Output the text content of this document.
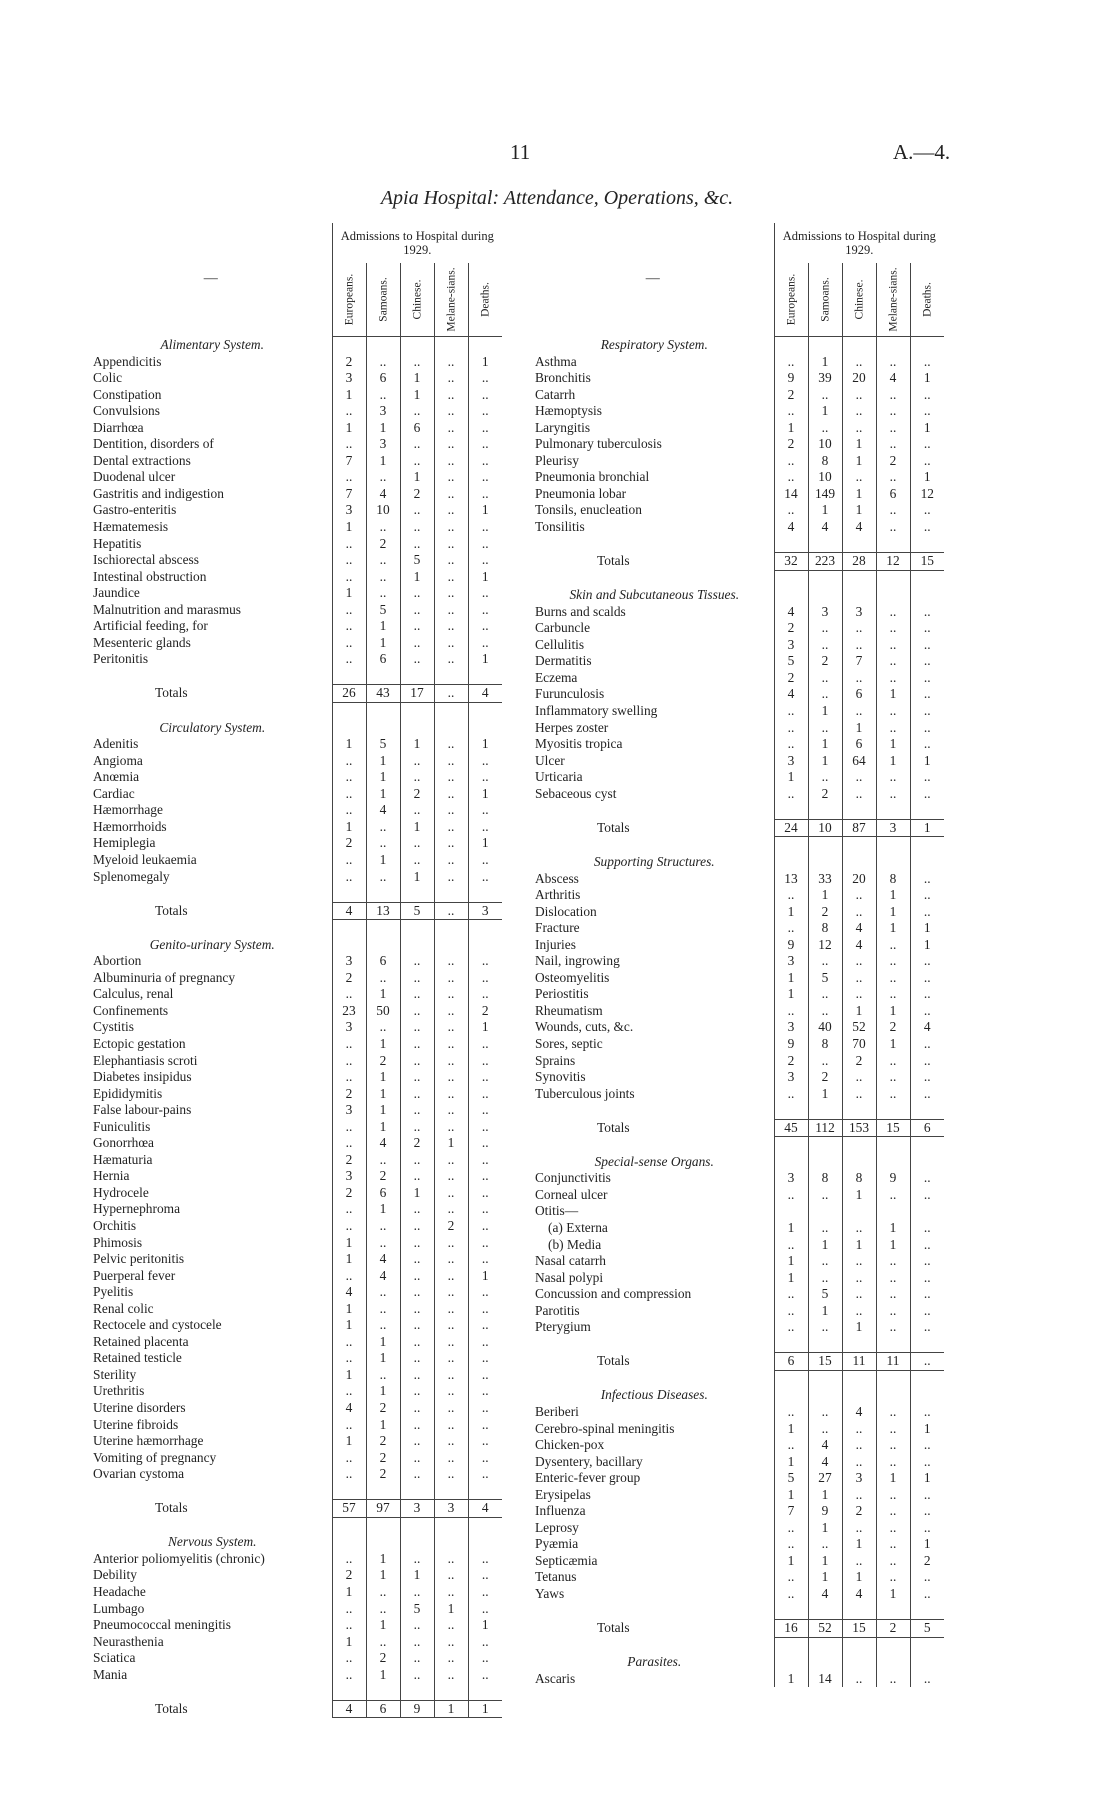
11	A.—4.
Apia Hospital: Attendance, Operations, &c.
—	Admissions to Hospital during 1929.				

	Europeans.	Samoans.	Chinese.	Melane-sians.	Deaths.

Alimentary System.					
Appendicitis	2	..	..	..	1
Colic	3	6	1	..	..
Constipation	1	..	1	..	..
Convulsions	..	3	..	..	..
Diarrhœa	1	1	6	..	..
Dentition, disorders of	..	3	..	..	..
Dental extractions	7	1	..	..	..
Duodenal ulcer	..	..	1	..	..
Gastritis and indigestion	7	4	2	..	..
Gastro-enteritis	3	10	..	..	1
Hæmatemesis	1	..	..	..	..
Hepatitis	..	2	..	..	..
Ischiorectal abscess	..	..	5	..	..
Intestinal obstruction	..	..	1	..	1
Jaundice	1	..	..	..	..
Malnutrition and marasmus	..	5	..	..	..
Artificial feeding, for	..	1	..	..	..
Mesenteric glands	..	1	..	..	..
Peritonitis	..	6	..	..	1

Totals	26	43	17	..	4

Circulatory System.					
Adenitis	1	5	1	..	1
Angioma	..	1	..	..	..
Anœmia	..	1	..	..	..
Cardiac	..	1	2	..	1
Hæmorrhage	..	4	..	..	..
Hæmorrhoids	1	..	1	..	..
Hemiplegia	2	..	..	..	1
Myeloid leukaemia	..	1	..	..	..
Splenomegaly	..	..	1	..	..

Totals	4	13	5	..	3

Genito-urinary System.					
Abortion	3	6	..	..	..
Albuminuria of pregnancy	2	..	..	..	..
Calculus, renal	..	1	..	..	..
Confinements	23	50	..	..	2
Cystitis	3	..	..	..	1
Ectopic gestation	..	1	..	..	..
Elephantiasis scroti	..	2	..	..	..
Diabetes insipidus	..	1	..	..	..
Epididymitis	2	1	..	..	..
False labour-pains	3	1	..	..	..
Funiculitis	..	1	..	..	..
Gonorrhœa	..	4	2	1	..
Hæmaturia	2	..	..	..	..
Hernia	3	2	..	..	..
Hydrocele	2	6	1	..	..
Hypernephroma	..	1	..	..	..
Orchitis	..	..	..	2	..
Phimosis	1	..	..	..	..
Pelvic peritonitis	1	4	..	..	..
Puerperal fever	..	4	..	..	1
Pyelitis	4	..	..	..	..
Renal colic	1	..	..	..	..
Rectocele and cystocele	1	..	..	..	..
Retained placenta	..	1	..	..	..
Retained testicle	..	1	..	..	..
Sterility	1	..	..	..	..
Urethritis	..	1	..	..	..
Uterine disorders	4	2	..	..	..
Uterine fibroids	..	1	..	..	..
Uterine hæmorrhage	1	2	..	..	..
Vomiting of pregnancy	..	2	..	..	..
Ovarian cystoma	..	2	..	..	..

Totals	57	97	3	3	4

Nervous System.					
Anterior poliomyelitis (chronic)	..	1	..	..	..
Debility	2	1	1	..	..
Headache	1	..	..	..	..
Lumbago	..	..	5	1	..
Pneumococcal meningitis	..	1	..	..	1
Neurasthenia	1	..	..	..	..
Sciatica	..	2	..	..	..
Mania	..	1	..	..	..

Totals	4	6	9	1	1
—	Admissions to Hospital during 1929.				

	Europeans.	Samoans.	Chinese.	Melane-sians.	Deaths.

Respiratory System.					
Asthma	..	1	..	..	..
Bronchitis	9	39	20	4	1
Catarrh	2	..	..	..	..
Hæmoptysis	..	1	..	..	..
Laryngitis	1	..	..	..	1
Pulmonary tuberculosis	2	10	1	..	..
Pleurisy	..	8	1	2	..
Pneumonia bronchial	..	10	..	..	1
Pneumonia lobar	14	149	1	6	12
Tonsils, enucleation	..	1	1	..	..
Tonsilitis	4	4	4	..	..

Totals	32	223	28	12	15

Skin and Subcutaneous Tissues.					
Burns and scalds	4	3	3	..	..
Carbuncle	2	..	..	..	..
Cellulitis	3	..	..	..	..
Dermatitis	5	2	7	..	..
Eczema	2	..	..	..	..
Furunculosis	4	..	6	1	..
Inflammatory swelling	..	1	..	..	..
Herpes zoster	..	..	1	..	..
Myositis tropica	..	1	6	1	..
Ulcer	3	1	64	1	1
Urticaria	1	..	..	..	..
Sebaceous cyst	..	2	..	..	..

Totals	24	10	87	3	1

Supporting Structures.					
Abscess	13	33	20	8	..
Arthritis	..	1	..	1	..
Dislocation	1	2	..	1	..
Fracture	..	8	4	1	1
Injuries	9	12	4	..	1
Nail, ingrowing	3	..	..	..	..
Osteomyelitis	1	5	..	..	..
Periostitis	1	..	..	..	..
Rheumatism	..	..	1	1	..
Wounds, cuts, &c.	3	40	52	2	4
Sores, septic	9	8	70	1	..
Sprains	2	..	2	..	..
Synovitis	3	2	..	..	..
Tuberculous joints	..	1	..	..	..

Totals	45	112	153	15	6

Special-sense Organs.					
Conjunctivitis	3	8	8	9	..
Corneal ulcer	..	..	1	..	..
Otitis—					
(a) Externa	1	..	..	1	..
(b) Media	..	1	1	1	..
Nasal catarrh	1	..	..	..	..
Nasal polypi	1	..	..	..	..
Concussion and compression	..	5	..	..	..
Parotitis	..	1	..	..	..
Pterygium	..	..	1	..	..

Totals	6	15	11	11	..

Infectious Diseases.					
Beriberi	..	..	4	..	..
Cerebro-spinal meningitis	1	..	..	..	1
Chicken-pox	..	4	..	..	..
Dysentery, bacillary	1	4	..	..	..
Enteric-fever group	5	27	3	1	1
Erysipelas	1	1	..	..	..
Influenza	7	9	2	..	..
Leprosy	..	1	..	..	..
Pyæmia	..	..	1	..	1
Septicæmia	1	1	..	..	2
Tetanus	..	1	1	..	..
Yaws	..	4	4	1	..

Totals	16	52	15	2	5

Parasites.					
Ascaris	1	14	..	..	..
